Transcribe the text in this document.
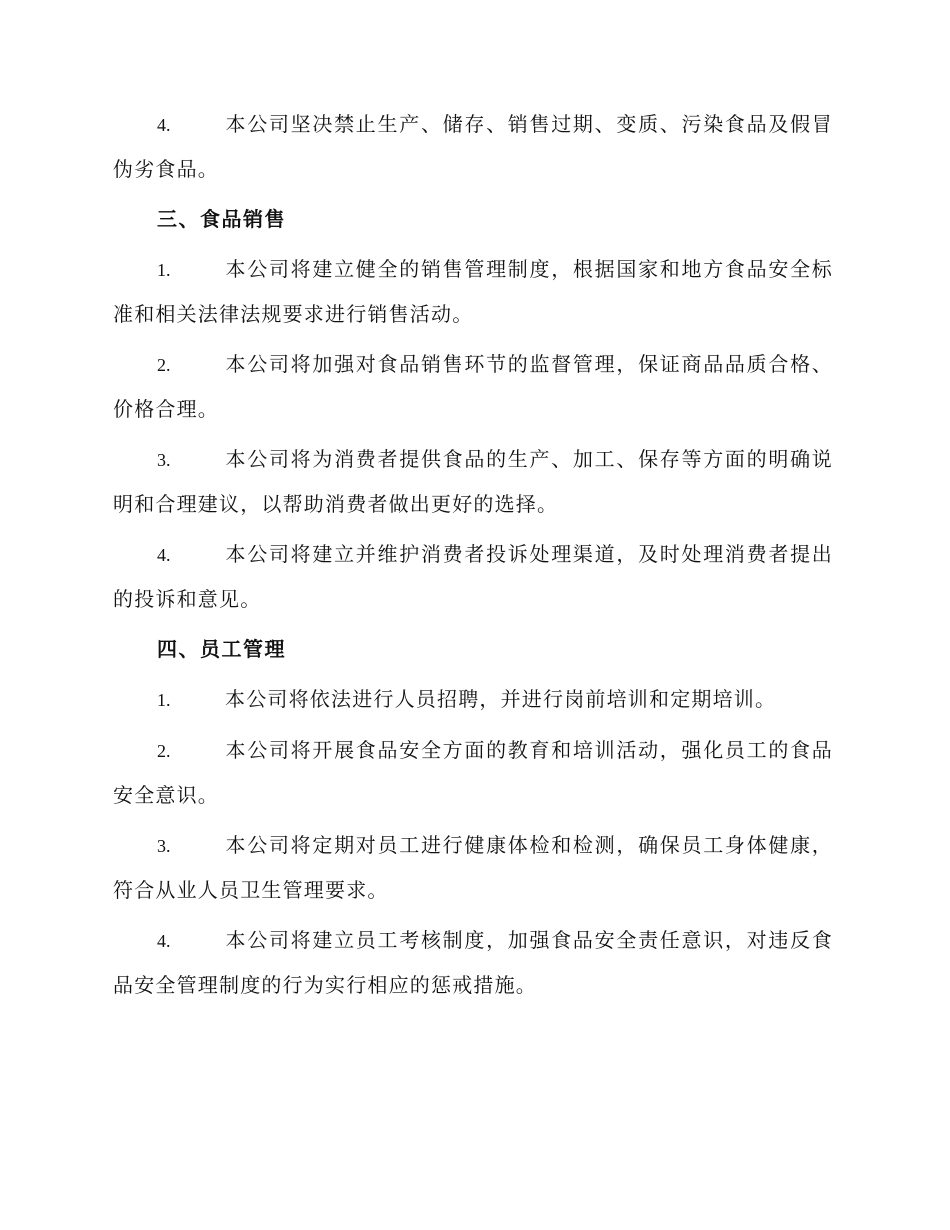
4.	本公司坚决禁止生产、储存、销售过期、变质、污染食品及假冒伪劣食品。

三、食品销售

1.	本公司将建立健全的销售管理制度，根据国家和地方食品安全标准和相关法律法规要求进行销售活动。

2.	本公司将加强对食品销售环节的监督管理，保证商品品质合格、价格合理。

3.	本公司将为消费者提供食品的生产、加工、保存等方面的明确说明和合理建议，以帮助消费者做出更好的选择。

4.	本公司将建立并维护消费者投诉处理渠道，及时处理消费者提出的投诉和意见。

四、员工管理

1.	本公司将依法进行人员招聘，并进行岗前培训和定期培训。

2.	本公司将开展食品安全方面的教育和培训活动，强化员工的食品安全意识。

3.	本公司将定期对员工进行健康体检和检测，确保员工身体健康，符合从业人员卫生管理要求。

4.	本公司将建立员工考核制度，加强食品安全责任意识，对违反食品安全管理制度的行为实行相应的惩戒措施。
